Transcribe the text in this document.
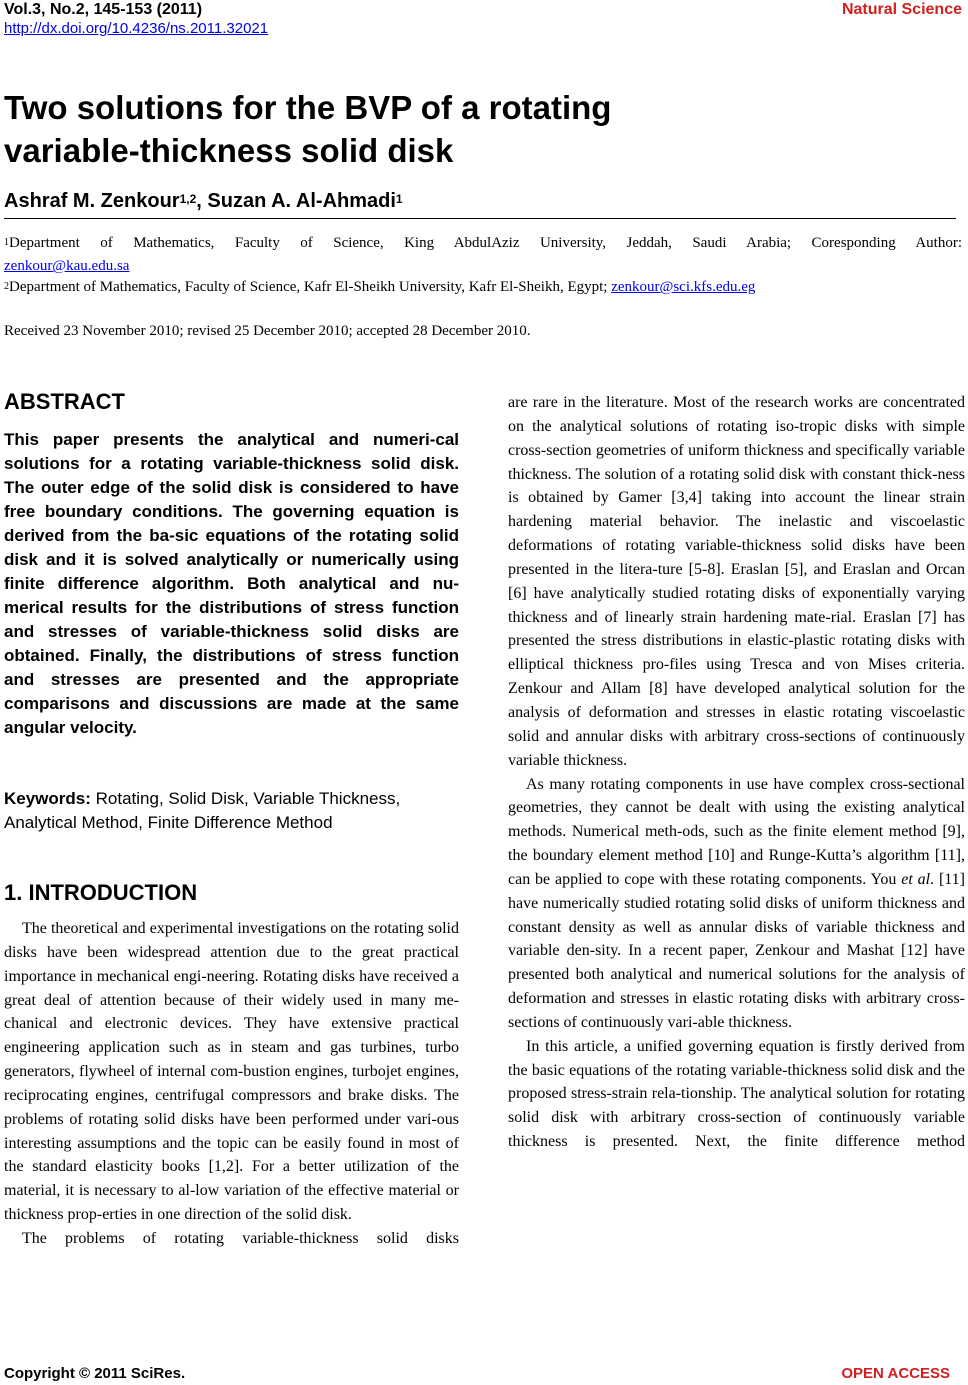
Vol.3, No.2, 145-153 (2011)
http://dx.doi.org/10.4236/ns.2011.32021
Natural Science
Two solutions for the BVP of a rotating
variable-thickness solid disk
Ashraf M. Zenkour$^{1,2}$, Suzan A. Al-Ahmadi$^1$
$^1$Department of Mathematics, Faculty of Science, King AbdulAziz University, Jeddah, Saudi Arabia; Coresponding Author:
zenkour@kau.edu.sa
$^2$Department of Mathematics, Faculty of Science, Kafr El-Sheikh University, Kafr El-Sheikh, Egypt; zenkour@sci.kfs.edu.eg
Received 23 November 2010; revised 25 December 2010; accepted 28 December 2010.
ABSTRACT
This paper presents the analytical and numeri-cal solutions for a rotating variable-thickness solid disk. The outer edge of the solid disk is considered to have free boundary conditions. The governing equation is derived from the ba-sic equations of the rotating solid disk and it is solved analytically or numerically using finite difference algorithm. Both analytical and nu-merical results for the distributions of stress function and stresses of variable-thickness solid disks are obtained. Finally, the distributions of stress function and stresses are presented and the appropriate comparisons and discussions are made at the same angular velocity.
Keywords: Rotating, Solid Disk, Variable Thickness, Analytical Method, Finite Difference Method
1. INTRODUCTION

The theoretical and experimental investigations on the rotating solid disks have been widespread attention due to the great practical importance in mechanical engi-neering. Rotating disks have received a great deal of attention because of their widely used in many me-chanical and electronic devices. They have extensive practical engineering application such as in steam and gas turbines, turbo generators, flywheel of internal com-bustion engines, turbojet engines, reciprocating engines, centrifugal compressors and brake disks. The problems of rotating solid disks have been performed under vari-ous interesting assumptions and the topic can be easily found in most of the standard elasticity books [1,2]. For a better utilization of the material, it is necessary to al-low variation of the effective material or thickness prop-erties in one direction of the solid disk.

The problems of rotating variable-thickness solid disks

are rare in the literature. Most of the research works are concentrated on the analytical solutions of rotating iso-tropic disks with simple cross-section geometries of uniform thickness and specifically variable thickness. The solution of a rotating solid disk with constant thick-ness is obtained by Gamer [3,4] taking into account the linear strain hardening material behavior. The inelastic and viscoelastic deformations of rotating variable-thickness solid disks have been presented in the litera-ture [5-8]. Eraslan [5], and Eraslan and Orcan [6] have analytically studied rotating disks of exponentially varying thickness and of linearly strain hardening mate-rial. Eraslan [7] has presented the stress distributions in elastic-plastic rotating disks with elliptical thickness pro-files using Tresca and von Mises criteria. Zenkour and Allam [8] have developed analytical solution for the analysis of deformation and stresses in elastic rotating viscoelastic solid and annular disks with arbitrary cross-sections of continuously variable thickness.

As many rotating components in use have complex cross-sectional geometries, they cannot be dealt with using the existing analytical methods. Numerical meth-ods, such as the finite element method [9], the boundary element method [10] and Runge-Kutta’s algorithm [11], can be applied to cope with these rotating components. You et al. [11] have numerically studied rotating solid disks of uniform thickness and constant density as well as annular disks of variable thickness and variable den-sity. In a recent paper, Zenkour and Mashat [12] have presented both analytical and numerical solutions for the analysis of deformation and stresses in elastic rotating disks with arbitrary cross-sections of continuously vari-able thickness.

In this article, a unified governing equation is firstly derived from the basic equations of the rotating variable-thickness solid disk and the proposed stress-strain rela-tionship. The analytical solution for rotating solid disk with arbitrary cross-section of continuously variable thickness is presented. Next, the finite difference method

Copyright © 2011 SciRes.	OPEN ACCESS
